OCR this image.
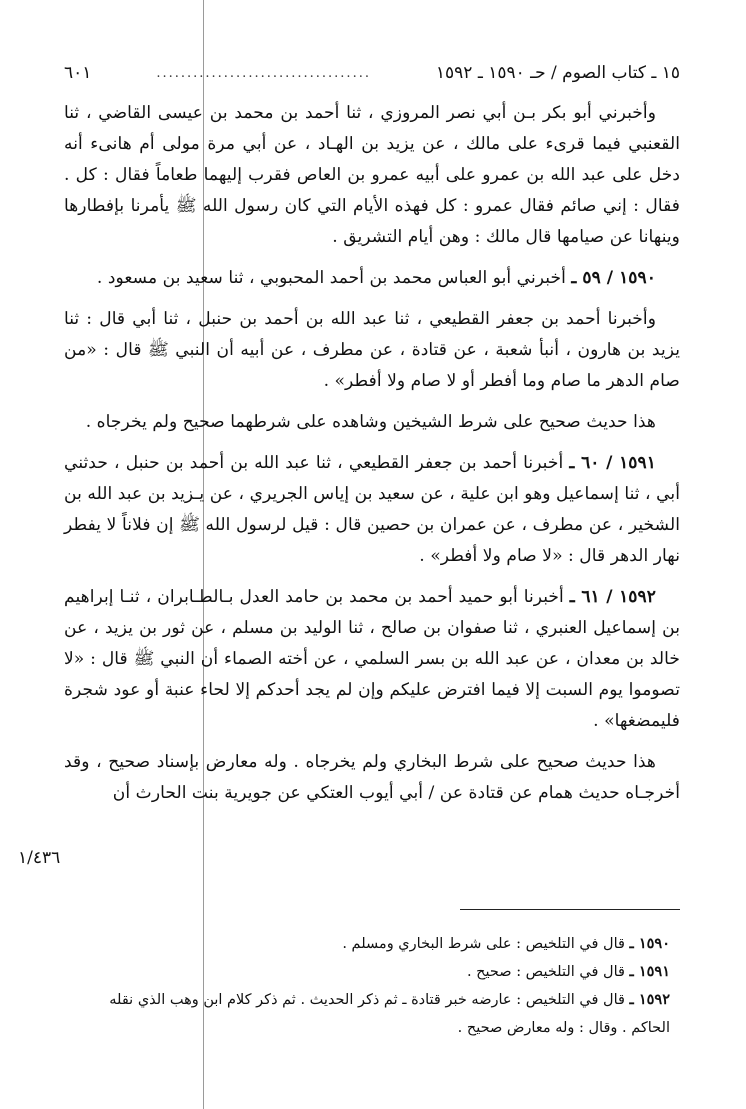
١٥ ـ كتاب الصوم / حـ ١٥٩٠ ـ ١٥٩٢
...................................
٦٠١

وأخبرني أبو بكر بـن أبي نصر المروزي ، ثنا أحمد بن محمد بن عيسى القاضي ، ثنا القعنبي فيما قرىء على مالك ، عن يزيد بن الهـاد ، عن أبي مرة مولى أم هانىء أنه دخل على عبد الله بن عمرو على أبيه عمرو بن العاص فقرب إليهما طعاماً فقال : كل . فقال : إني صائم فقال عمرو : كل فهذه الأيام التي كان رسول الله ﷺ يأمرنا بإفطارها وينهانا عن صيامها قال مالك : وهن أيام التشريق .

١٥٩٠ / ٥٩ ـ أخبرني أبو العباس محمد بن أحمد المحبوبي ، ثنا سعيد بن مسعود .

وأخبرنا أحمد بن جعفر القطيعي ، ثنا عبد الله بن أحمد بن حنبل ، ثنا أبي قال : ثنا يزيد بن هارون ، أنبأ شعبة ، عن قتادة ، عن مطرف ، عن أبيه أن النبي ﷺ قال : «من صام الدهر ما صام وما أفطر أو لا صام ولا أفطر» .

هذا حديث صحيح على شرط الشيخين وشاهده على شرطهما صحيح ولم يخرجاه .

١٥٩١ / ٦٠ ـ أخبرنا أحمد بن جعفر القطيعي ، ثنا عبد الله بن أحمد بن حنبل ، حدثني أبي ، ثنا إسماعيل وهو ابن علية ، عن سعيد بن إياس الجريري ، عن يـزيد بن عبد الله بن الشخير ، عن مطرف ، عن عمران بن حصين قال : قيل لرسول الله ﷺ إن فلاناً لا يفطر نهار الدهر قال : «لا صام ولا أفطر» .

١٥٩٢ / ٦١ ـ أخبرنا أبو حميد أحمد بن محمد بن حامد العدل بـالطـابران ، ثنـا إبراهيم بن إسماعيل العنبري ، ثنا صفوان بن صالح ، ثنا الوليد بن مسلم ، عن ثور بن يزيد ، عن خالد بن معدان ، عن عبد الله بن بسر السلمي ، عن أخته الصماء أن النبي ﷺ قال : «لا تصوموا يوم السبت إلا فيما افترض عليكم وإن لم يجد أحدكم إلا لحاء عنبة أو عود شجرة فليمضغها» .

هذا حديث صحيح على شرط البخاري ولم يخرجاه . وله معارض بإسناد صحيح ، وقد أخرجـاه حديث همام عن قتادة عن / أبي أيوب العتكي عن جويرية بنت الحارث أن

١/٤٣٦

١٥٩٠ ـ قال في التلخيص : على شرط البخاري ومسلم .

١٥٩١ ـ قال في التلخيص : صحيح .

١٥٩٢ ـ قال في التلخيص : عارضه خبر قتادة ـ ثم ذكر الحديث . ثم ذكر كلام ابن وهب الذي نقله

الحاكم . وقال : وله معارض صحيح .
